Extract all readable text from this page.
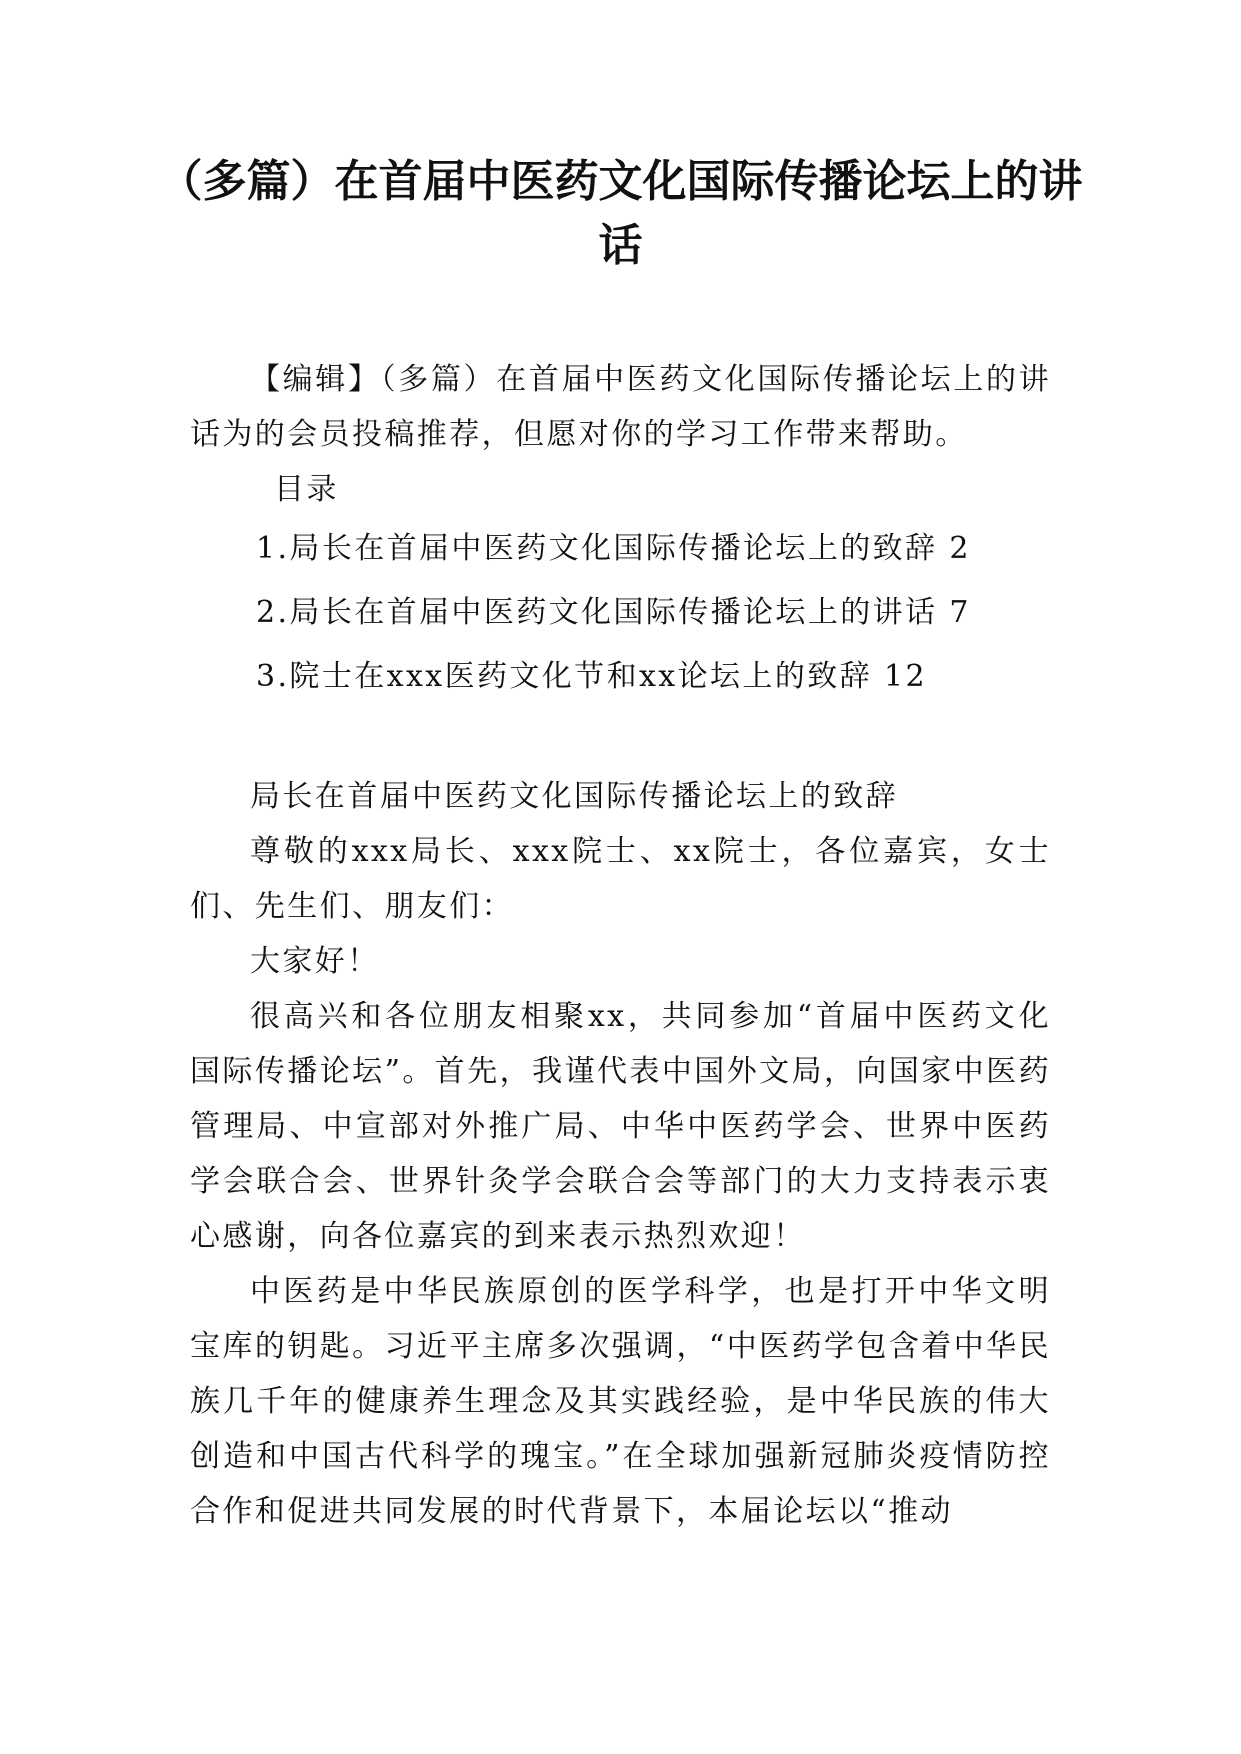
（多篇）在首届中医药文化国际传播论坛上的讲话

【编辑】（多篇）在首届中医药文化国际传播论坛上的讲话为的会员投稿推荐，但愿对你的学习工作带来帮助。

目录

1.局长在首届中医药文化国际传播论坛上的致辞 2
2.局长在首届中医药文化国际传播论坛上的讲话 7
3.院士在xxx医药文化节和xx论坛上的致辞 12

局长在首届中医药文化国际传播论坛上的致辞

尊敬的xxx局长、xxx院士、xx院士，各位嘉宾，女士们、先生们、朋友们：

大家好！

很高兴和各位朋友相聚xx，共同参加“首届中医药文化国际传播论坛”。首先，我谨代表中国外文局，向国家中医药管理局、中宣部对外推广局、中华中医药学会、世界中医药学会联合会、世界针灸学会联合会等部门的大力支持表示衷心感谢，向各位嘉宾的到来表示热烈欢迎！

中医药是中华民族原创的医学科学，也是打开中华文明宝库的钥匙。习近平主席多次强调，“中医药学包含着中华民族几千年的健康养生理念及其实践经验，是中华民族的伟大创造和中国古代科学的瑰宝。”在全球加强新冠肺炎疫情防控合作和促进共同发展的时代背景下，本届论坛以“推动
